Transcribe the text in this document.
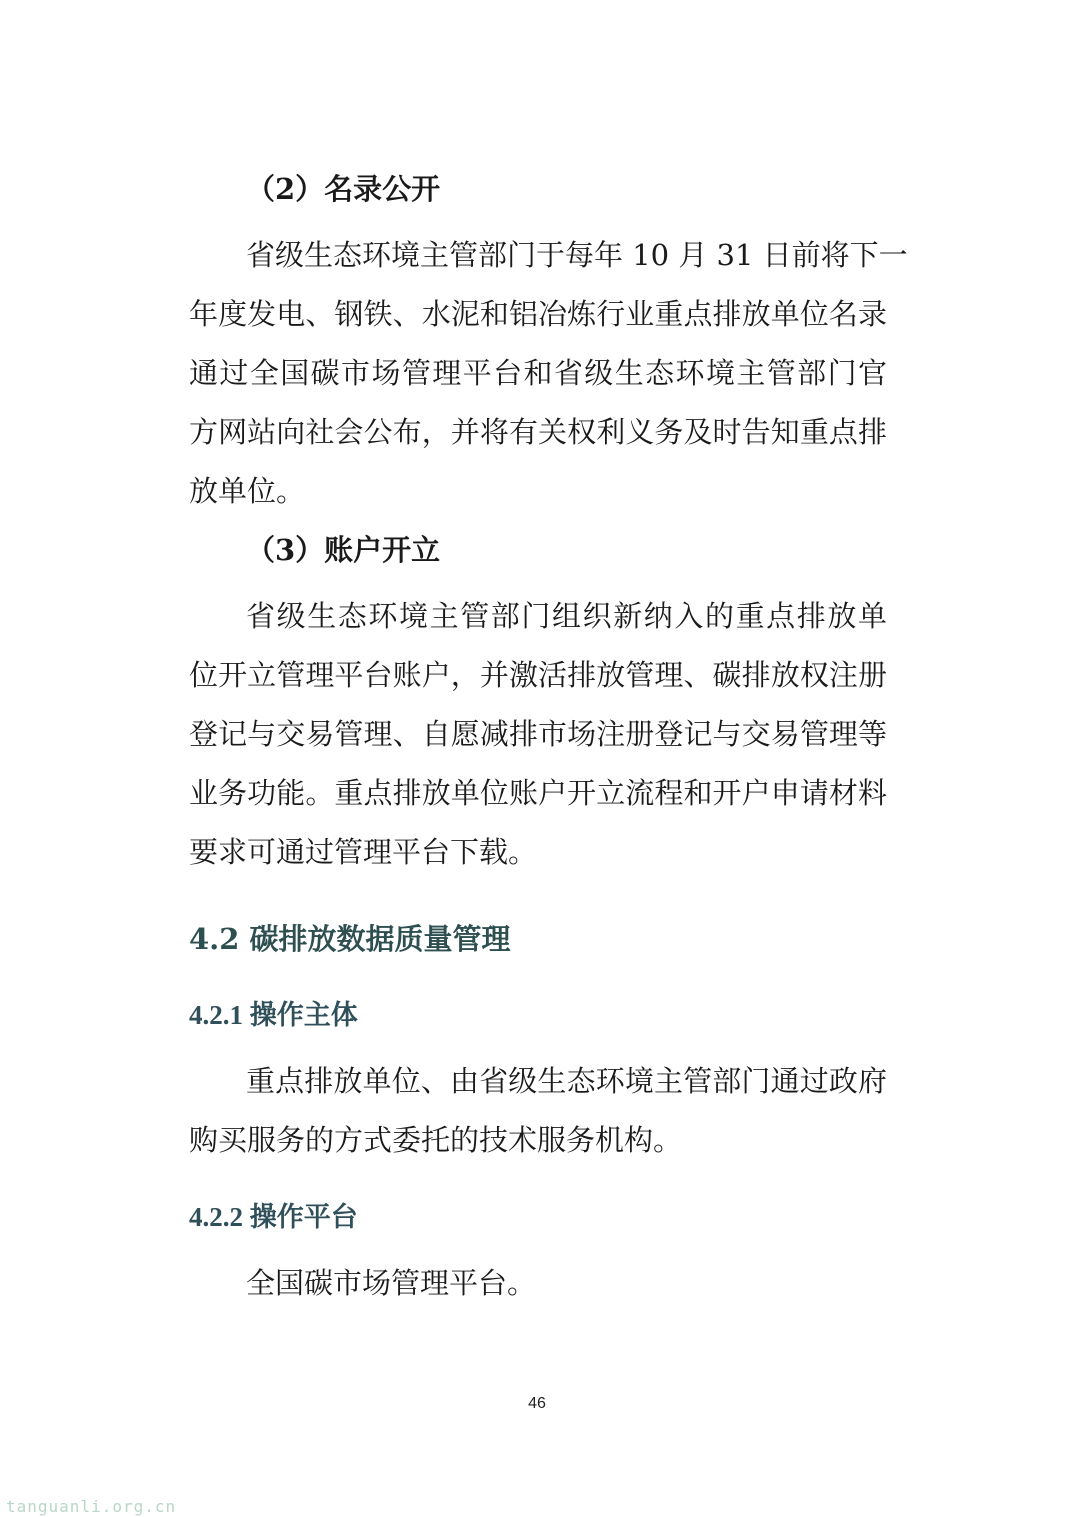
（2）名录公开

省级生态环境主管部门于每年 10 月 31 日前将下一
年度发电、钢铁、水泥和铝冶炼行业重点排放单位名录
通过全国碳市场管理平台和省级生态环境主管部门官
方网站向社会公布，并将有关权利义务及时告知重点排
放单位。

（3）账户开立

省级生态环境主管部门组织新纳入的重点排放单
位开立管理平台账户，并激活排放管理、碳排放权注册
登记与交易管理、自愿减排市场注册登记与交易管理等
业务功能。重点排放单位账户开立流程和开户申请材料
要求可通过管理平台下载。

4.2 碳排放数据质量管理
4.2.1 操作主体

重点排放单位、由省级生态环境主管部门通过政府
购买服务的方式委托的技术服务机构。

4.2.2 操作平台

全国碳市场管理平台。

46
tanguanli.org.cn
